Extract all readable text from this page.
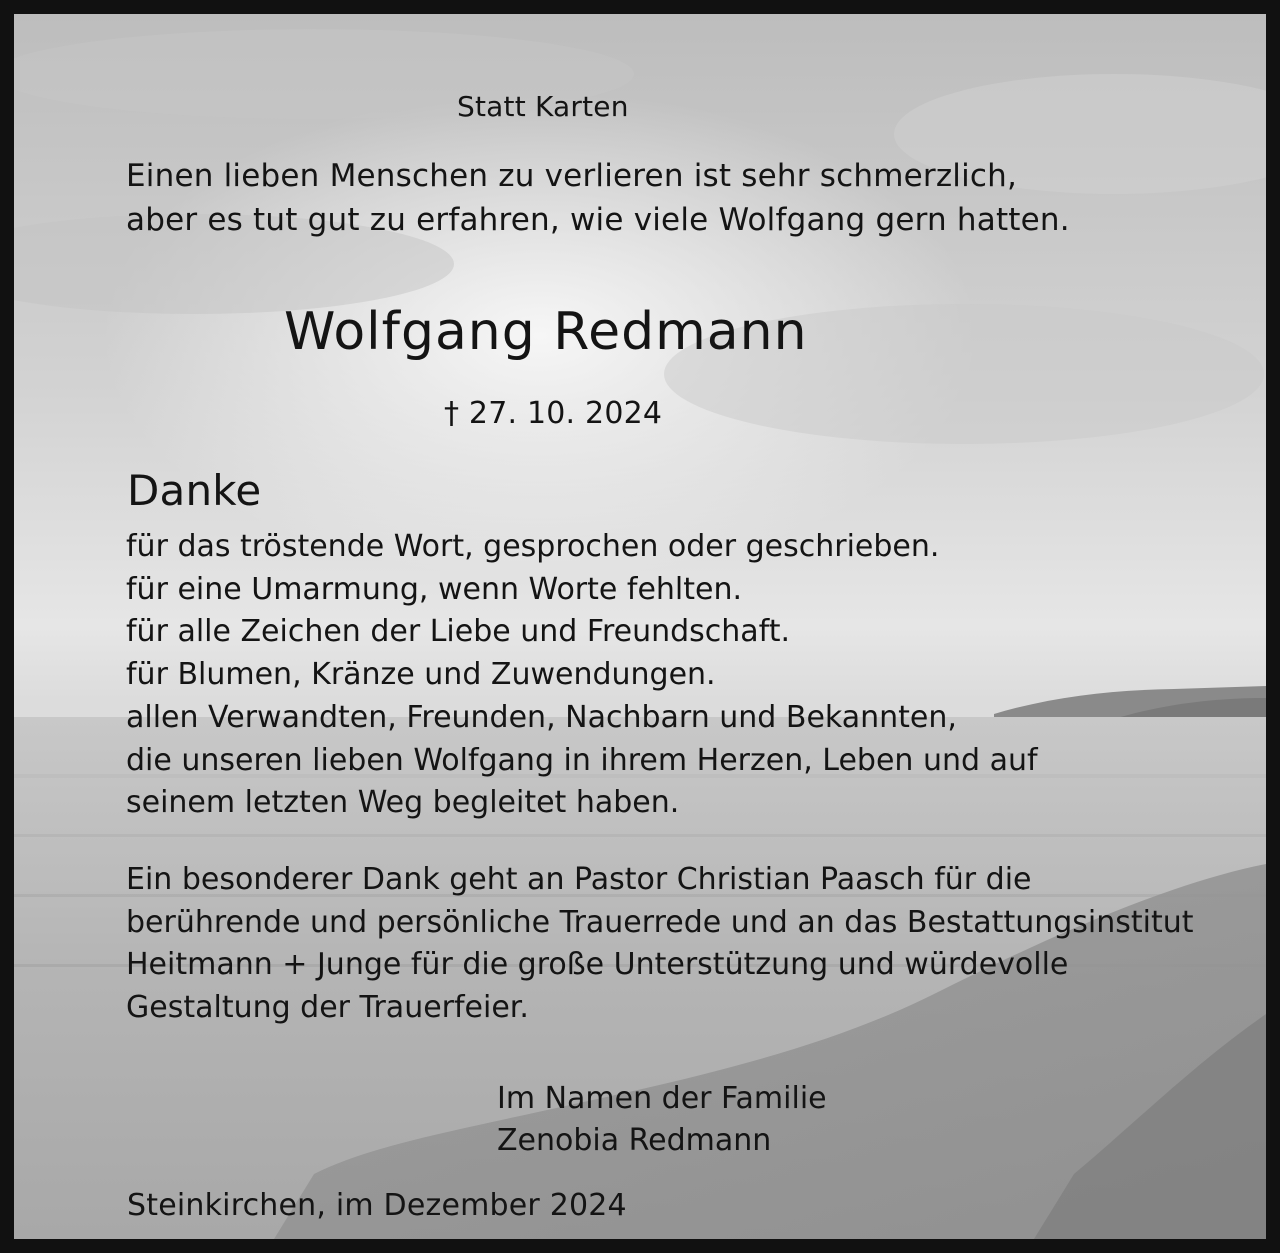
Statt Karten
Einen lieben Menschen zu verlieren ist sehr schmerzlich,
aber es tut gut zu erfahren, wie viele Wolfgang gern hatten.
Wolfgang Redmann
† 27. 10. 2024
Danke
für das tröstende Wort, gesprochen oder geschrieben.
für eine Umarmung, wenn Worte fehlten.
für alle Zeichen der Liebe und Freundschaft.
für Blumen, Kränze und Zuwendungen.
allen Verwandten, Freunden, Nachbarn und Bekannten,
die unseren lieben Wolfgang in ihrem Herzen, Leben und auf
seinem letzten Weg begleitet haben.
Ein besonderer Dank geht an Pastor Christian Paasch für die
berührende und persönliche Trauerrede und an das Bestattungsinstitut
Heitmann + Junge für die große Unterstützung und würdevolle
Gestaltung der Trauerfeier.
Im Namen der Familie
Zenobia Redmann
Steinkirchen, im Dezember 2024
